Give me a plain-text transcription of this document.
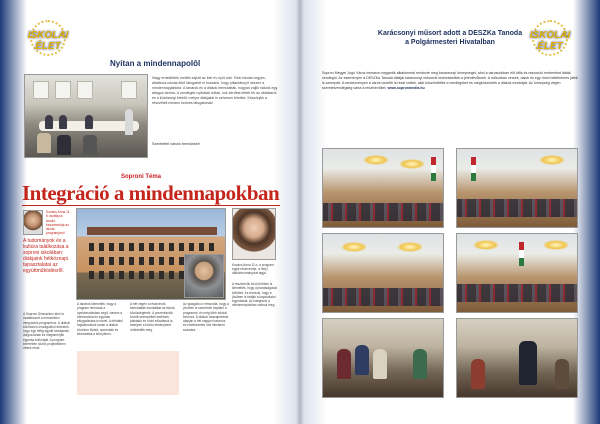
ISKOLAI ÉLET
Nyitan a mindennapolôl
Nagy érdeklődés mellett zajlott az idei év nyílt órái. Tobb iskolai vegyes, általános iskolai étkő látogatott el hozzánk, hogy pillantásnyit nézzen a mindennapjainkba. A tanárok és a diákok bemutatták, hogyan zajlik nálunk egy átlagos tanóra. A vendégek nyitottak voltak, sok kérdést tettek fel az oktatásról és a közösségi életről, melyre diákjaink is szívesen feleltek. Köszönjük a részvételt minden kedves látogatónak!
Szeretettel várunk bennünket!
Soproni Téma
Integráció a mindennapokban
Kovács Anna 11. b osztályos tanuló beszámolója az iskola programjáról
A tudományok és a kultúra találkozása a soproni iskolában: diákjaink hétköznapi tapasztalatai az együttműködésről.
Kovács Anna 11.b, a program egyik résztvevője, a helyi diákönkormányzat tagja.
A Soproni Gimnázium idén is csatlakozott a nemzetközi integrációs programhoz. A diákok különböző országokból érkeztek, hogy egy hétig együtt tanuljanak, dolgozzanak és megismerjék egymás kultúráját. A program keretében közös projektekben vettek részt.
A tanárok kiemelték, hogy a program nemcsak a nyelvtanulásban segít, hanem a toleranciára és egymás elfogadására is nevel. A délutáni foglalkozások során a diákok közösen főztek, sportoltak és kirándultak a környéken.
A hét végén a résztvevők bemutatták munkáikat az iskola közösségének. A prezentációk között szerepeltek kisfilmek, plakátok és rövid előadások is, amelyek a közös élményeket örökítették meg.
Az igazgató úr elmondta, hogy a jövőben is szeretnék folytatni a programot, és még több iskolát bevonni. A diákok visszajelzései alapján a hét nagyon hasznos és emlékezetes volt mindenki számára.
A résztvevők közül többen is kiemelték, hogy új barátságokat kötöttek, és tervezik, hogy a jövőben is tartják a kapcsolatot egymással. Az integráció a mindennapokban valósul meg.
ISKOLAI ÉLET
Karácsonyi műsort adott a DESZKa Tanoda
a Polgármesteri Hivatalban
Sopron Megyei Jogú Város immáron negyedik alkalommal rendezte meg karácsonyi ünnepségét, ahol a városunkban élő idős és rászoruló embereket látták vendégül. Az eseményen a DESZKa Tanoda diákjai karácsonyi műsorral kedveskedtek a jelenlévőknek. A műsorban versek, dalok és egy rövid betlehemes játék is szerepelt. A rendezvényen a város vezetői is részt vettek, akik köszöntötték a vendégeket és megköszönték a diákok munkáját. Az ünnepség végén szeretetvendégség várta a résztvevőket. www.sopronmedia.hu
